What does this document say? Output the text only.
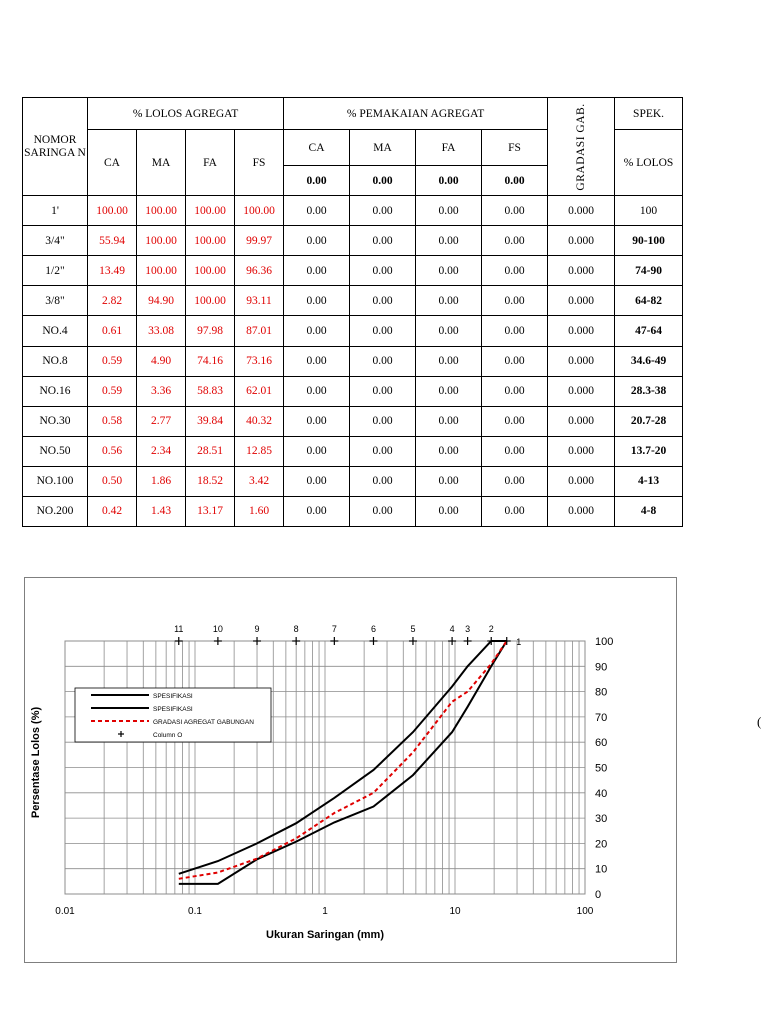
NOMOR SARINGA N	% LOLOS AGREGAT				% PEMAKAIAN AGREGAT				GRADASI GAB.	SPEK.
	CA	MA	FA	FS	CA	MA	FA	FS		% LOLOS
					0.00	0.00	0.00	0.00		
1'	100.00	100.00	100.00	100.00	0.00	0.00	0.00	0.00	0.000	100
3/4"	55.94	100.00	100.00	99.97	0.00	0.00	0.00	0.00	0.000	90-100
1/2"	13.49	100.00	100.00	96.36	0.00	0.00	0.00	0.00	0.000	74-90
3/8"	2.82	94.90	100.00	93.11	0.00	0.00	0.00	0.00	0.000	64-82
NO.4	0.61	33.08	97.98	87.01	0.00	0.00	0.00	0.00	0.000	47-64
NO.8	0.59	4.90	74.16	73.16	0.00	0.00	0.00	0.00	0.000	34.6-49
NO.16	0.59	3.36	58.83	62.01	0.00	0.00	0.00	0.00	0.000	28.3-38
NO.30	0.58	2.77	39.84	40.32	0.00	0.00	0.00	0.00	0.000	20.7-28
NO.50	0.56	2.34	28.51	12.85	0.00	0.00	0.00	0.00	0.000	13.7-20
NO.100	0.50	1.86	18.52	3.42	0.00	0.00	0.00	0.00	0.000	4-13
NO.200	0.42	1.43	13.17	1.60	0.00	0.00	0.00	0.00	0.000	4-8
0
10
20
30
40
50
60
70
80
90
100
0.01	0.1	1	10	100
Ukuran Saringan (mm)
Persentase Lolos (%)
11	10	9	8	7	6	5	4 3 2
1
SPESIFIKASI
SPESIFIKASI
GRADASI AGREGAT GABUNGAN
Column O
(
